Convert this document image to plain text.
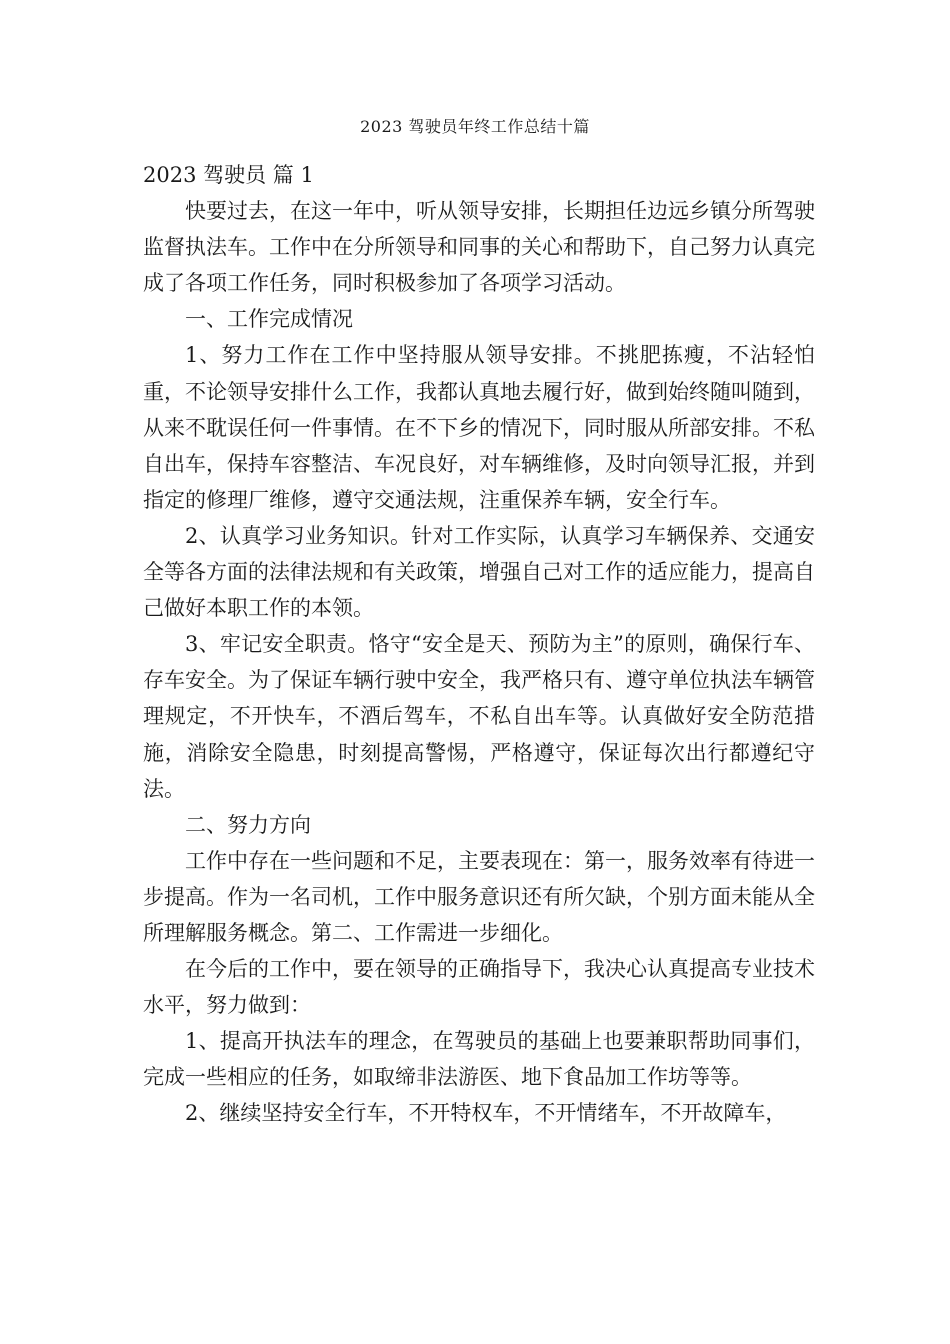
2023 驾驶员年终工作总结十篇

2023 驾驶员 篇 1

快要过去，在这一年中，听从领导安排，长期担任边远乡镇分所驾驶监督执法车。工作中在分所领导和同事的关心和帮助下，自己努力认真完成了各项工作任务，同时积极参加了各项学习活动。

一、工作完成情况

1、努力工作在工作中坚持服从领导安排。不挑肥拣瘦，不沾轻怕重，不论领导安排什么工作，我都认真地去履行好，做到始终随叫随到，从来不耽误任何一件事情。在不下乡的情况下，同时服从所部安排。不私自出车，保持车容整洁、车况良好，对车辆维修，及时向领导汇报，并到指定的修理厂维修，遵守交通法规，注重保养车辆，安全行车。

2、认真学习业务知识。针对工作实际，认真学习车辆保养、交通安全等各方面的法律法规和有关政策，增强自己对工作的适应能力，提高自己做好本职工作的本领。

3、牢记安全职责。恪守“安全是天、预防为主”的原则，确保行车、存车安全。为了保证车辆行驶中安全，我严格只有、遵守单位执法车辆管理规定，不开快车，不酒后驾车，不私自出车等。认真做好安全防范措施，消除安全隐患，时刻提高警惕，严格遵守，保证每次出行都遵纪守法。

二、努力方向

工作中存在一些问题和不足，主要表现在：第一，服务效率有待进一步提高。作为一名司机，工作中服务意识还有所欠缺，个别方面未能从全所理解服务概念。第二、工作需进一步细化。

在今后的工作中，要在领导的正确指导下，我决心认真提高专业技术水平，努力做到：

1、提高开执法车的理念，在驾驶员的基础上也要兼职帮助同事们，完成一些相应的任务，如取缔非法游医、地下食品加工作坊等等。

2、继续坚持安全行车，不开特权车，不开情绪车，不开故障车，
